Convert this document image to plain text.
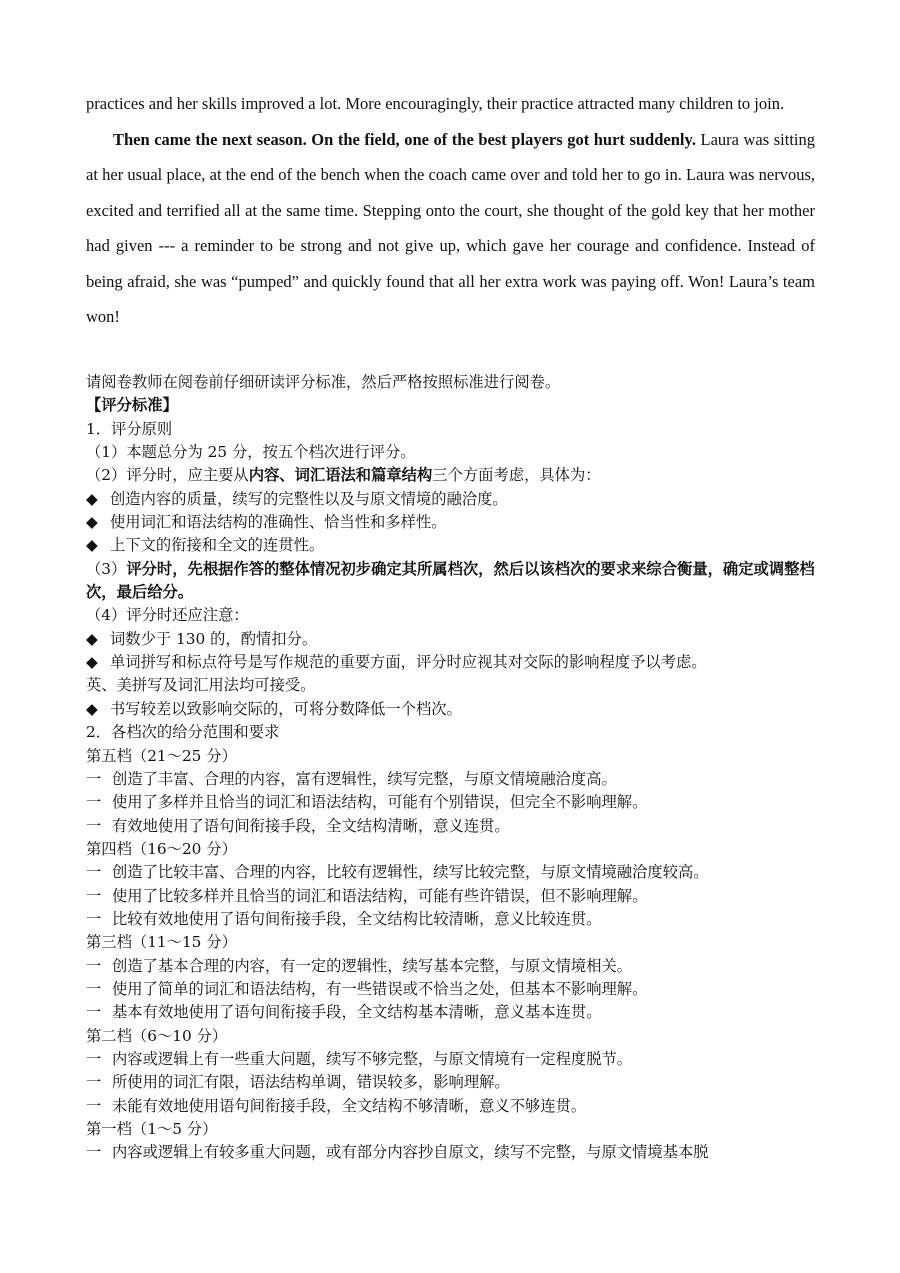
practices and her skills improved a lot. More encouragingly, their practice attracted many children to join.

Then came the next season. On the field, one of the best players got hurt suddenly. Laura was sitting at her usual place, at the end of the bench when the coach came over and told her to go in. Laura was nervous, excited and terrified all at the same time. Stepping onto the court, she thought of the gold key that her mother had given --- a reminder to be strong and not give up, which gave her courage and confidence. Instead of being afraid, she was “pumped” and quickly found that all her extra work was paying off. Won! Laura’s team won!

请阅卷教师在阅卷前仔细研读评分标准，然后严格按照标准进行阅卷。
【评分标准】
1．评分原则
（1）本题总分为 25 分，按五个档次进行评分。
（2）评分时，应主要从内容、词汇语法和篇章结构三个方面考虑，具体为：
◆ 创造内容的质量，续写的完整性以及与原文情境的融洽度。
◆ 使用词汇和语法结构的准确性、恰当性和多样性。
◆ 上下文的衔接和全文的连贯性。
（3）评分时，先根据作答的整体情况初步确定其所属档次，然后以该档次的要求来综合衡量，确定或调整档次，最后给分。
（4）评分时还应注意：
◆ 词数少于 130 的，酌情扣分。
◆ 单词拼写和标点符号是写作规范的重要方面，评分时应视其对交际的影响程度予以考虑。
英、美拼写及词汇用法均可接受。
◆ 书写较差以致影响交际的，可将分数降低一个档次。
2．各档次的给分范围和要求
第五档（21～25 分）
一 创造了丰富、合理的内容，富有逻辑性，续写完整，与原文情境融洽度高。
一 使用了多样并且恰当的词汇和语法结构，可能有个别错误，但完全不影响理解。
一 有效地使用了语句间衔接手段，全文结构清晰，意义连贯。
第四档（16～20 分）
一 创造了比较丰富、合理的内容，比较有逻辑性，续写比较完整，与原文情境融洽度较高。
一 使用了比较多样并且恰当的词汇和语法结构，可能有些许错误，但不影响理解。
一 比较有效地使用了语句间衔接手段，全文结构比较清晰，意义比较连贯。
第三档（11～15 分）
一 创造了基本合理的内容，有一定的逻辑性，续写基本完整，与原文情境相关。
一 使用了简单的词汇和语法结构，有一些错误或不恰当之处，但基本不影响理解。
一 基本有效地使用了语句间衔接手段，全文结构基本清晰，意义基本连贯。
第二档（6～10 分）
一 内容或逻辑上有一些重大问题，续写不够完整，与原文情境有一定程度脱节。
一 所使用的词汇有限，语法结构单调，错误较多，影响理解。
一 未能有效地使用语句间衔接手段，全文结构不够清晰，意义不够连贯。
第一档（1～5 分）
一 内容或逻辑上有较多重大问题，或有部分内容抄自原文，续写不完整，与原文情境基本脱
